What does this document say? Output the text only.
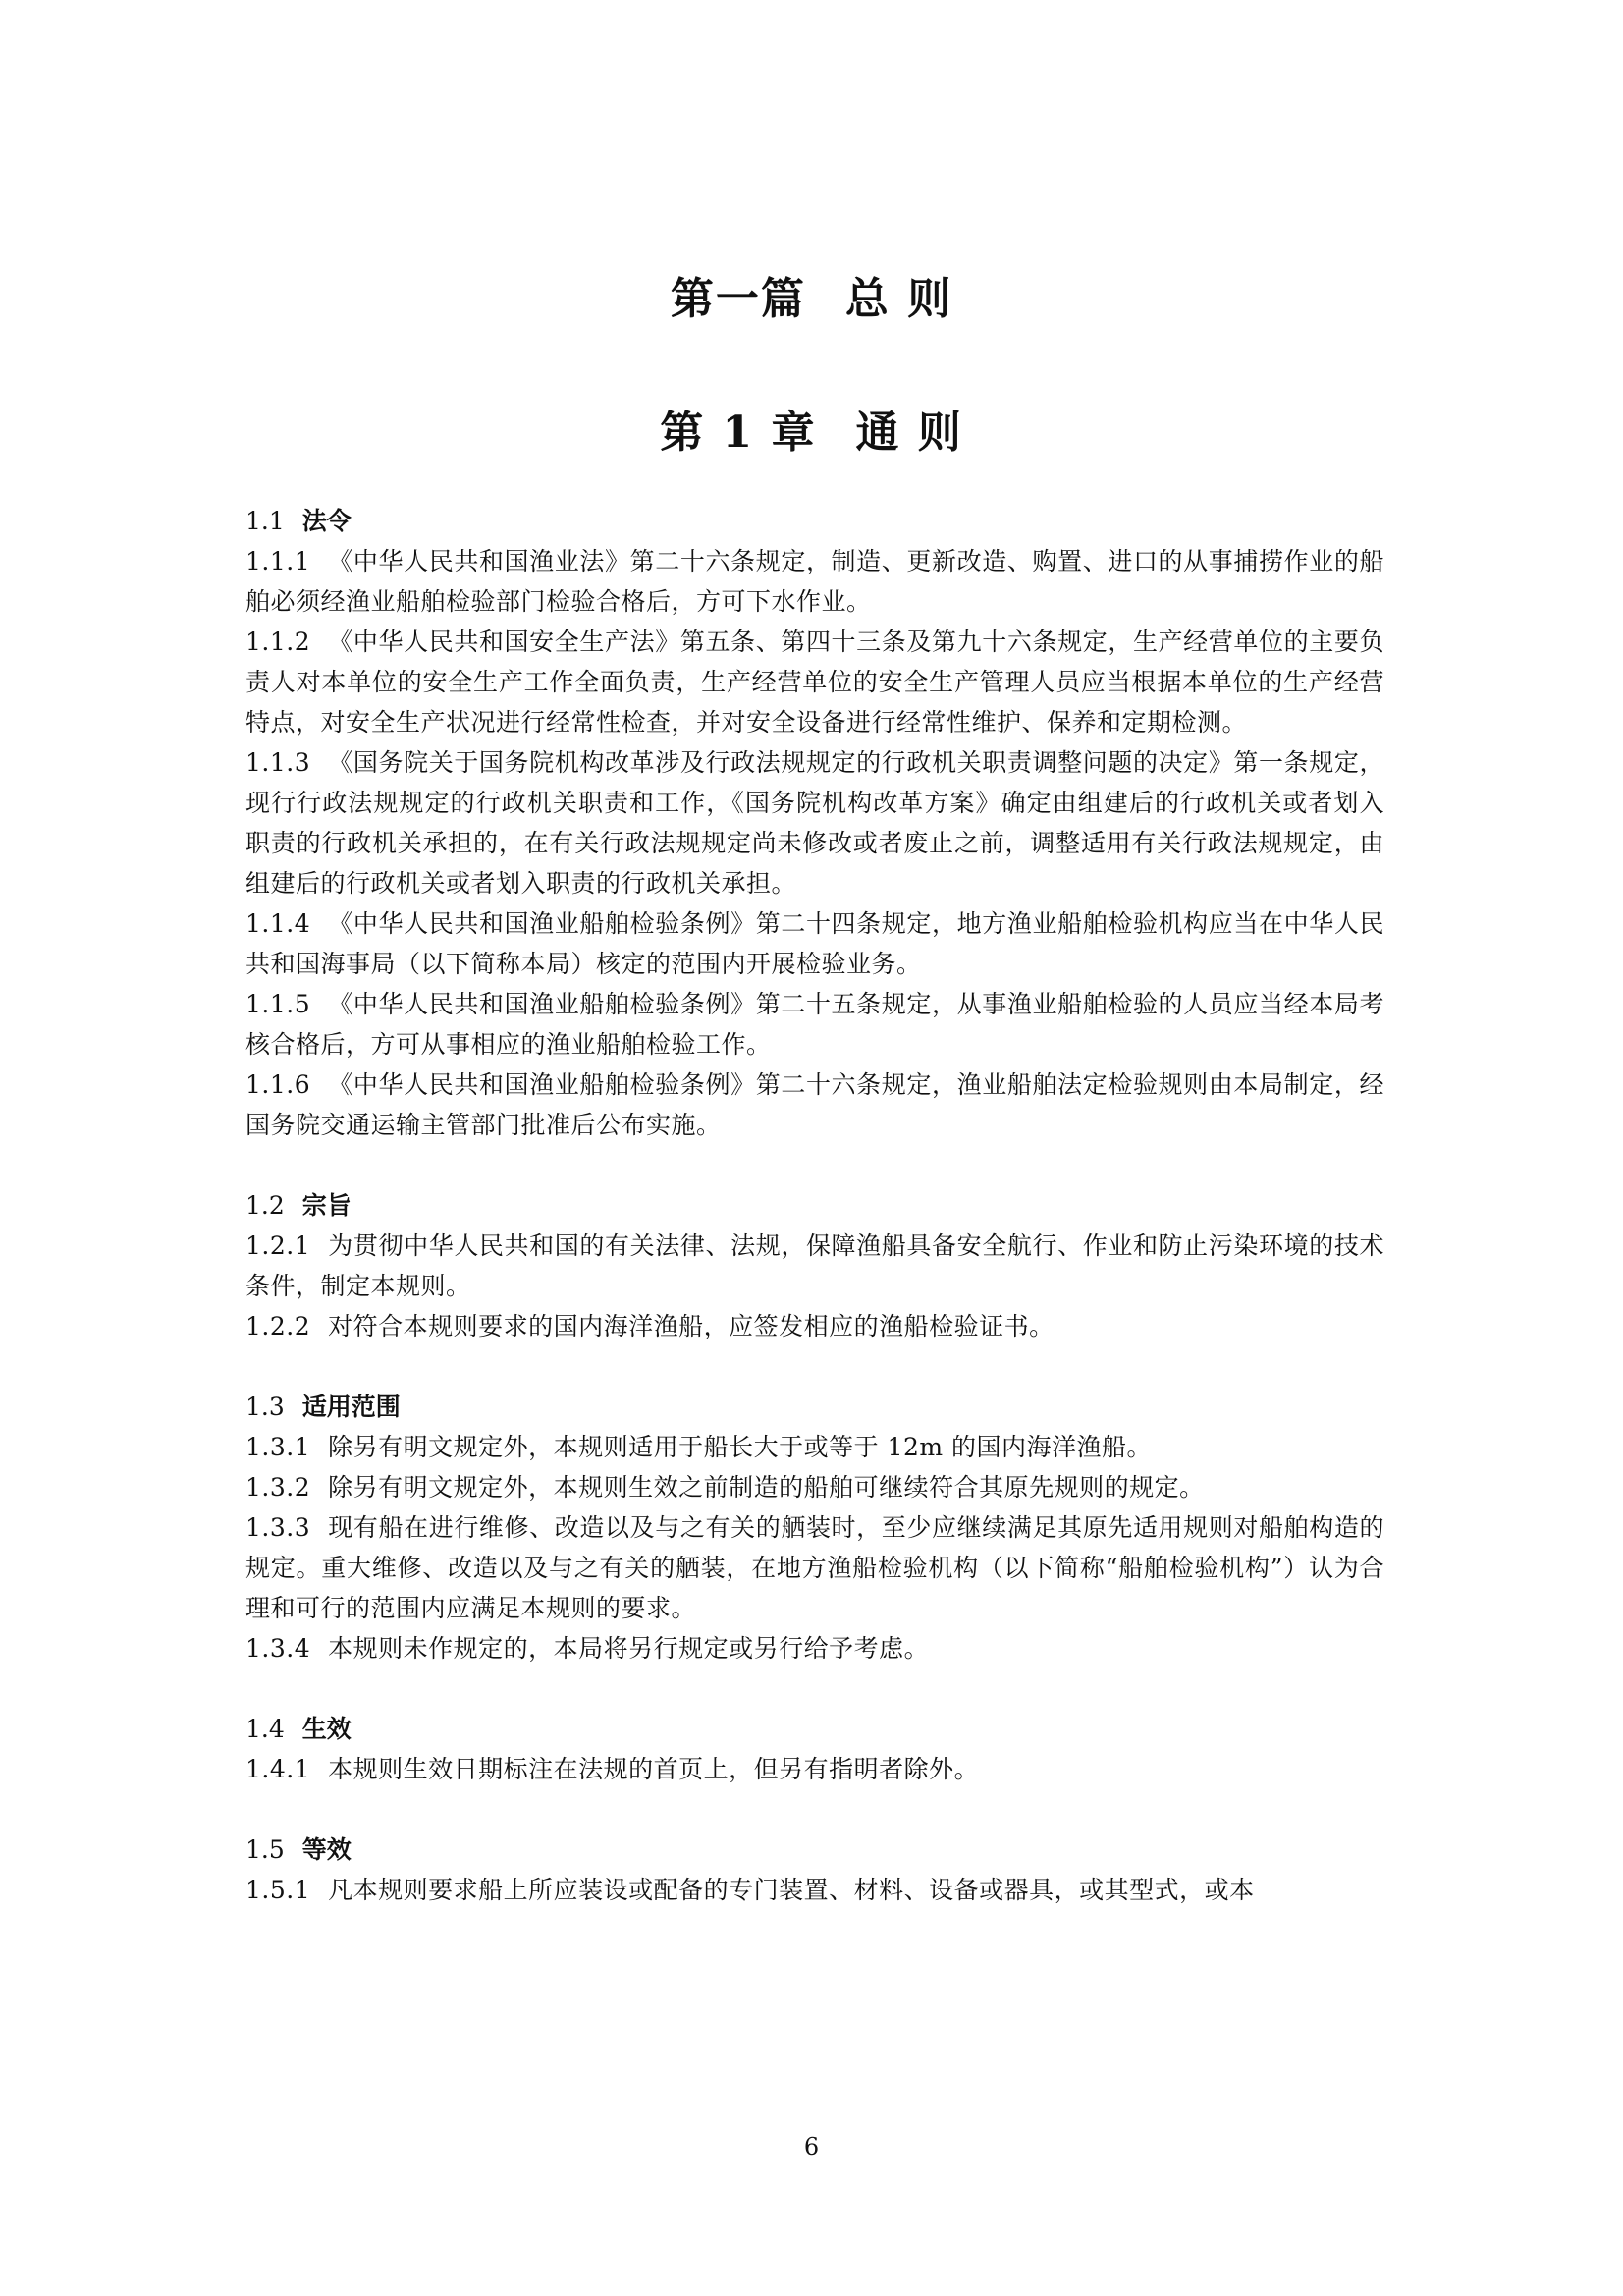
第一篇 总 则
第 1 章 通 则

1.1 法令

1.1.1 《中华人民共和国渔业法》第二十六条规定，制造、更新改造、购置、进口的从事捕捞作业的船舶必须经渔业船舶检验部门检验合格后，方可下水作业。

1.1.2 《中华人民共和国安全生产法》第五条、第四十三条及第九十六条规定，生产经营单位的主要负责人对本单位的安全生产工作全面负责，生产经营单位的安全生产管理人员应当根据本单位的生产经营特点，对安全生产状况进行经常性检查，并对安全设备进行经常性维护、保养和定期检测。

1.1.3 《国务院关于国务院机构改革涉及行政法规规定的行政机关职责调整问题的决定》第一条规定，现行行政法规规定的行政机关职责和工作，《国务院机构改革方案》确定由组建后的行政机关或者划入职责的行政机关承担的，在有关行政法规规定尚未修改或者废止之前，调整适用有关行政法规规定，由组建后的行政机关或者划入职责的行政机关承担。

1.1.4 《中华人民共和国渔业船舶检验条例》第二十四条规定，地方渔业船舶检验机构应当在中华人民共和国海事局（以下简称本局）核定的范围内开展检验业务。

1.1.5 《中华人民共和国渔业船舶检验条例》第二十五条规定，从事渔业船舶检验的人员应当经本局考核合格后，方可从事相应的渔业船舶检验工作。

1.1.6 《中华人民共和国渔业船舶检验条例》第二十六条规定，渔业船舶法定检验规则由本局制定，经国务院交通运输主管部门批准后公布实施。

1.2 宗旨

1.2.1 为贯彻中华人民共和国的有关法律、法规，保障渔船具备安全航行、作业和防止污染环境的技术条件，制定本规则。

1.2.2 对符合本规则要求的国内海洋渔船，应签发相应的渔船检验证书。

1.3 适用范围

1.3.1 除另有明文规定外，本规则适用于船长大于或等于 12m 的国内海洋渔船。

1.3.2 除另有明文规定外，本规则生效之前制造的船舶可继续符合其原先规则的规定。

1.3.3 现有船在进行维修、改造以及与之有关的舾装时，至少应继续满足其原先适用规则对船舶构造的规定。重大维修、改造以及与之有关的舾装，在地方渔船检验机构（以下简称“船舶检验机构”）认为合理和可行的范围内应满足本规则的要求。

1.3.4 本规则未作规定的，本局将另行规定或另行给予考虑。

1.4 生效

1.4.1 本规则生效日期标注在法规的首页上，但另有指明者除外。

1.5 等效

1.5.1 凡本规则要求船上所应装设或配备的专门装置、材料、设备或器具，或其型式，或本

6
